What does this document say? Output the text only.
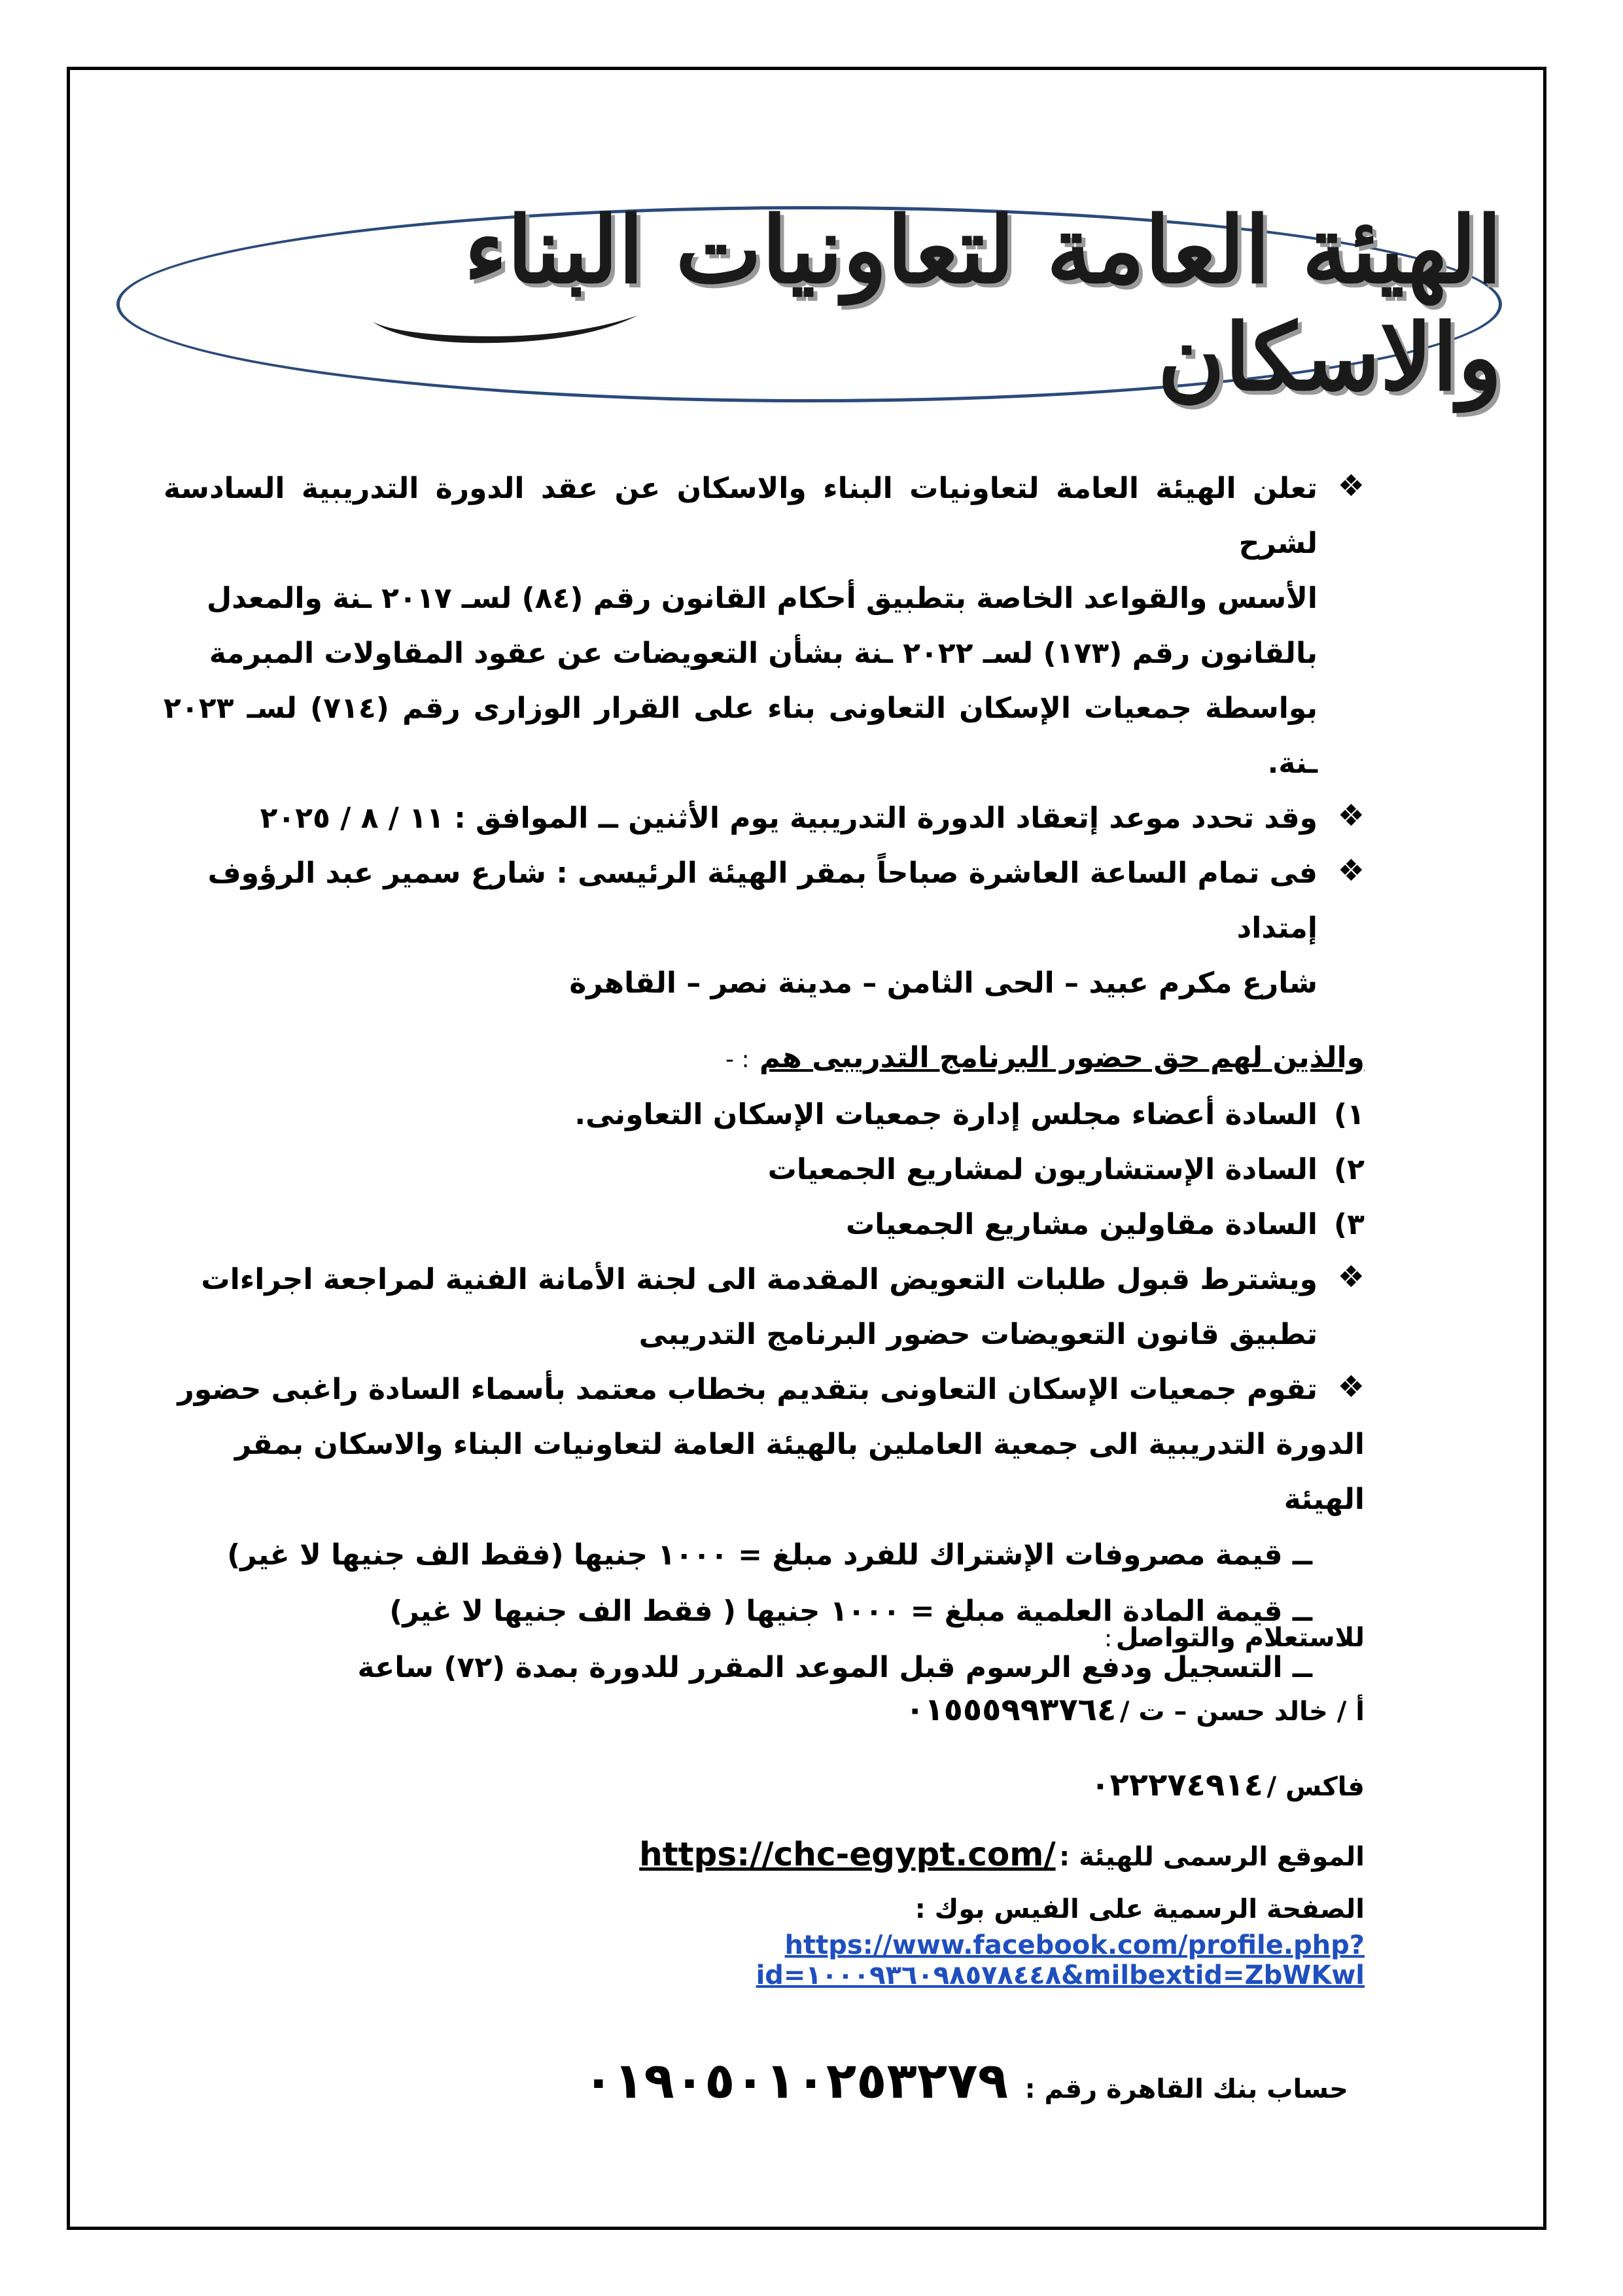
الهيئة العامة لتعاونيات البناء والاسكان
❖
تعلن الهيئة العامة لتعاونيات البناء والاسكان عن عقد الدورة التدريبية السادسة لشرح
الأسس والقواعد الخاصة بتطبيق أحكام القانون رقم (٨٤) لسـ ٢٠١٧ ـنة والمعدل
بالقانون رقم (١٧٣) لسـ ٢٠٢٢ ـنة بشأن التعويضات عن عقود المقاولات المبرمة
بواسطة جمعيات الإسكان التعاونى بناء على القرار الوزارى رقم (٧١٤) لسـ ٢٠٢٣ ـنة.
❖
وقد تحدد موعد إتعقاد الدورة التدريبية يوم الأثنين ــ الموافق : ١١ / ٨ / ٢٠٢٥
❖
فى تمام الساعة العاشرة صباحاً بمقر الهيئة الرئيسى : شارع سمير عبد الرؤوف إمتداد
شارع مكرم عبيد – الحى الثامن – مدينة نصر – القاهرة
والذين لهم حق حضور البرنامج التدريبى هم : -
١)
السادة أعضاء مجلس إدارة جمعيات الإسكان التعاونى.
٢)
السادة الإستشاريون لمشاريع الجمعيات
٣)
السادة مقاولين مشاريع الجمعيات
❖
ويشترط قبول طلبات التعويض المقدمة الى لجنة الأمانة الفنية لمراجعة اجراءات
تطبيق قانون التعويضات حضور البرنامج التدريبى
❖
تقوم جمعيات الإسكان التعاونى بتقديم بخطاب معتمد بأسماء السادة راغبى حضور
الدورة التدريبية الى جمعية العاملين بالهيئة العامة لتعاونيات البناء والاسكان بمقر الهيئة
ــ قيمة مصروفات الإشتراك للفرد مبلغ = ١٠٠٠ جنيها (فقط الف جنيها لا غير)
ــ قيمة المادة العلمية مبلغ = ١٠٠٠ جنيها ( فقط الف جنيها لا غير)
ــ التسجيل ودفع الرسوم قبل الموعد المقرر للدورة بمدة (٧٢) ساعة
للاستعلام والتواصل :
أ / خالد حسن – ت / ٠١٥٥٥٩٩٣٧٦٤
فاكس / ٠٢٢٢٧٤٩١٤
الموقع الرسمى للهيئة : https://chc-egypt.com/
الصفحة الرسمية على الفيس بوك :
https://www.facebook.com/profile.php?id=١٠٠٠٩٣٦٠٩٨٥٧٨٤٤٨&milbextid=ZbWKwl
حساب بنك القاهرة رقم : ٠١٩٠٥٠١٠٢٥٣٢٧٩
